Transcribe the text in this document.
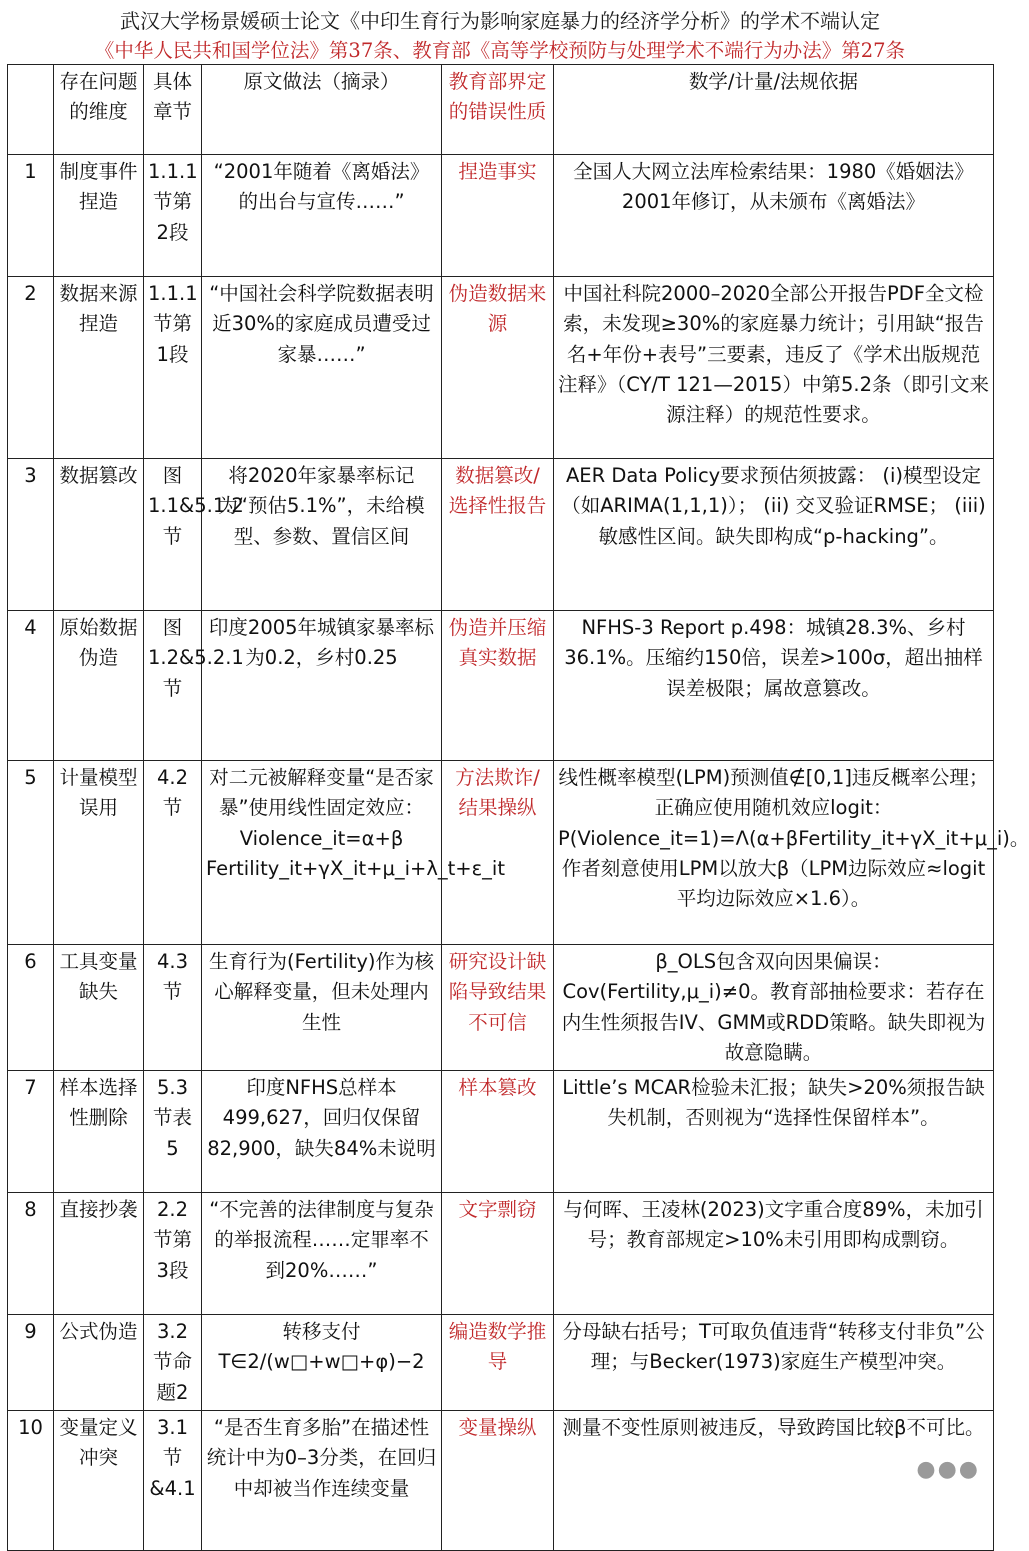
武汉大学杨景媛硕士论文《中印生育行为影响家庭暴力的经济学分析》的学术不端认定
《中华人民共和国学位法》第37条、教育部《高等学校预防与处理学术不端行为办法》第27条
	存在问题的维度	具体章节	原文做法（摘录）	教育部界定的错误性质	数学/计量/法规依据
1	制度事件捏造	1.1.1节第2段	“2001年随着《离婚法》的出台与宣传……”	捏造事实	全国人大网立法库检索结果：1980《婚姻法》2001年修订，从未颁布《离婚法》
2	数据来源捏造	1.1.1节第1段	“中国社会科学院数据表明近30%的家庭成员遭受过家暴……”	伪造数据来源	中国社科院2000–2020全部公开报告PDF全文检索，未发现≥30%的家庭暴力统计；引用缺“报告名+年份+表号”三要素，违反了《学术出版规范 注释》（CY/T 121—2015）中第5.2条（即引文来源注释）的规范性要求。
3	数据篡改	图1.1&5.1.2节	将2020年家暴率标记为“预估5.1%”，未给模型、参数、置信区间	数据篡改/选择性报告	AER Data Policy要求预估须披露： (i)模型设定（如ARIMA(1,1,1)）； (ii) 交叉验证RMSE； (iii) 敏感性区间。缺失即构成“p-hacking”。
4	原始数据伪造	图1.2&5.2.1节	印度2005年城镇家暴率标为0.2，乡村0.25	伪造并压缩真实数据	NFHS-3 Report p.498：城镇28.3%、乡村36.1%。压缩约150倍，误差>100σ，超出抽样误差极限；属故意篡改。
5	计量模型误用	4.2节	对二元被解释变量“是否家暴”使用线性固定效应：Violence_it=α+β Fertility_it+γX_it+μ_i+λ_t+ε_it	方法欺诈/结果操纵	线性概率模型(LPM)预测值∉[0,1]违反概率公理；正确应使用随机效应logit：P(Violence_it=1)=Λ(α+βFertility_it+γX_it+μ_i)。作者刻意使用LPM以放大β（LPM边际效应≈logit平均边际效应×1.6）。
6	工具变量缺失	4.3节	生育行为(Fertility)作为核心解释变量，但未处理内生性	研究设计缺陷导致结果不可信	β_OLS包含双向因果偏误：Cov(Fertility,μ_i)≠0。教育部抽检要求：若存在内生性须报告IV、GMM或RDD策略。缺失即视为故意隐瞒。
7	样本选择性删除	5.3节表5	印度NFHS总样本499,627，回归仅保留82,900，缺失84%未说明	样本篡改	Little’s MCAR检验未汇报；缺失>20%须报告缺失机制，否则视为“选择性保留样本”。
8	直接抄袭	2.2节第3段	“不完善的法律制度与复杂的举报流程……定罪率不到20%……”	文字剽窃	与何晖、王凌林(2023)文字重合度89%，未加引号；教育部规定>10%未引用即构成剽窃。
9	公式伪造	3.2节命题2	转移支付T∈2/(w□+w□+φ)−2	编造数学推导	分母缺右括号；T可取负值违背“转移支付非负”公理；与Becker(1973)家庭生产模型冲突。
10	变量定义冲突	3.1节&4.1	“是否生育多胎”在描述性统计中为0–3分类，在回归中却被当作连续变量	变量操纵	测量不变性原则被违反，导致跨国比较β不可比。
●●●
